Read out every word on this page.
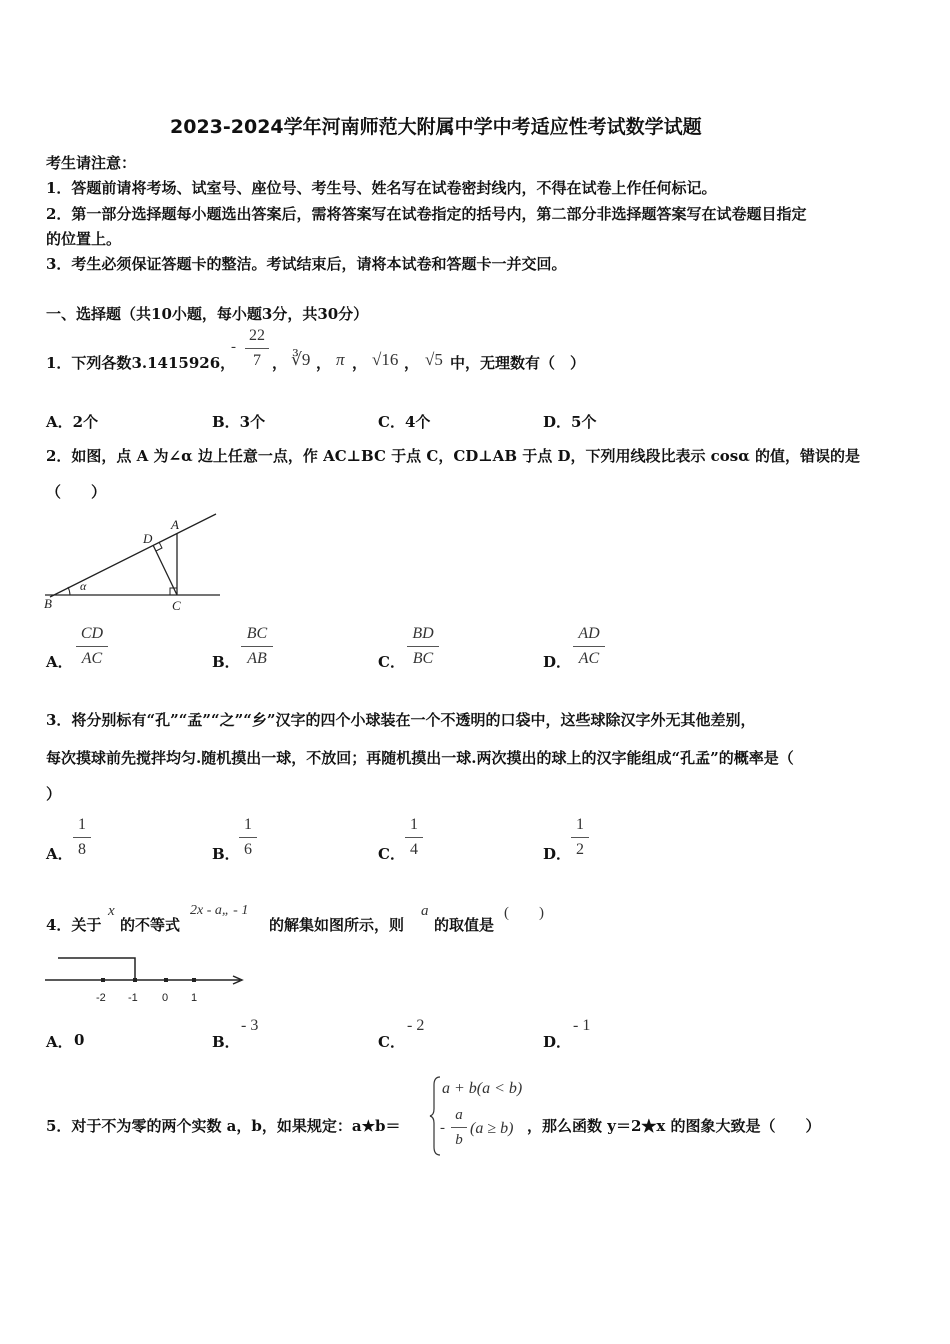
2023-2024学年河南师范大附属中学中考适应性考试数学试题
考生请注意：
1．答题前请将考场、试室号、座位号、考生号、姓名写在试卷密封线内，不得在试卷上作任何标记。
2．第一部分选择题每小题选出答案后，需将答案写在试卷指定的括号内，第二部分非选择题答案写在试卷题目指定
的位置上。
3．考生必须保证答题卡的整洁。考试结束后，请将本试卷和答题卡一并交回。
一、选择题（共10小题，每小题3分，共30分）
1．下列各数3.1415926，
-
22
7 ， ∛9 ， π ， √16 ， √5 中，无理数有（　）
A．2个	B．3个	C．4个	D．5个
2．如图，点 A 为∠α 边上任意一点，作 AC⊥BC 于点 C，CD⊥AB 于点 D，下列用线段比表示 cosα 的值，错误的是
（　　）
A
B	C
D
α
A．
CD
AC	B．
BC
AB	C．
BD
BC	D．
AD
AC
3．将分别标有“孔”“孟”“之”“乡”汉字的四个小球装在一个不透明的口袋中，这些球除汉字外无其他差别，
每次摸球前先搅拌均匀.随机摸出一球，不放回；再随机摸出一球.两次摸出的球上的汉字能组成“孔孟”的概率是（
）
A．
1
8	B．
1
6	C．
1
4	D．
1
2
4．关于
x
的不等式
2x - a„ - 1
的解集如图所示，则
a
的取值是
(　　)
-2 -1 0 1
A． 0	B．
- 3
C．
- 2
D．
- 1
5．对于不为零的两个实数 a，b，如果规定：a★b＝
a + b(a < b)
-
a
b
(a ≥ b) ，那么函数 y＝2★x 的图象大致是（　　）
